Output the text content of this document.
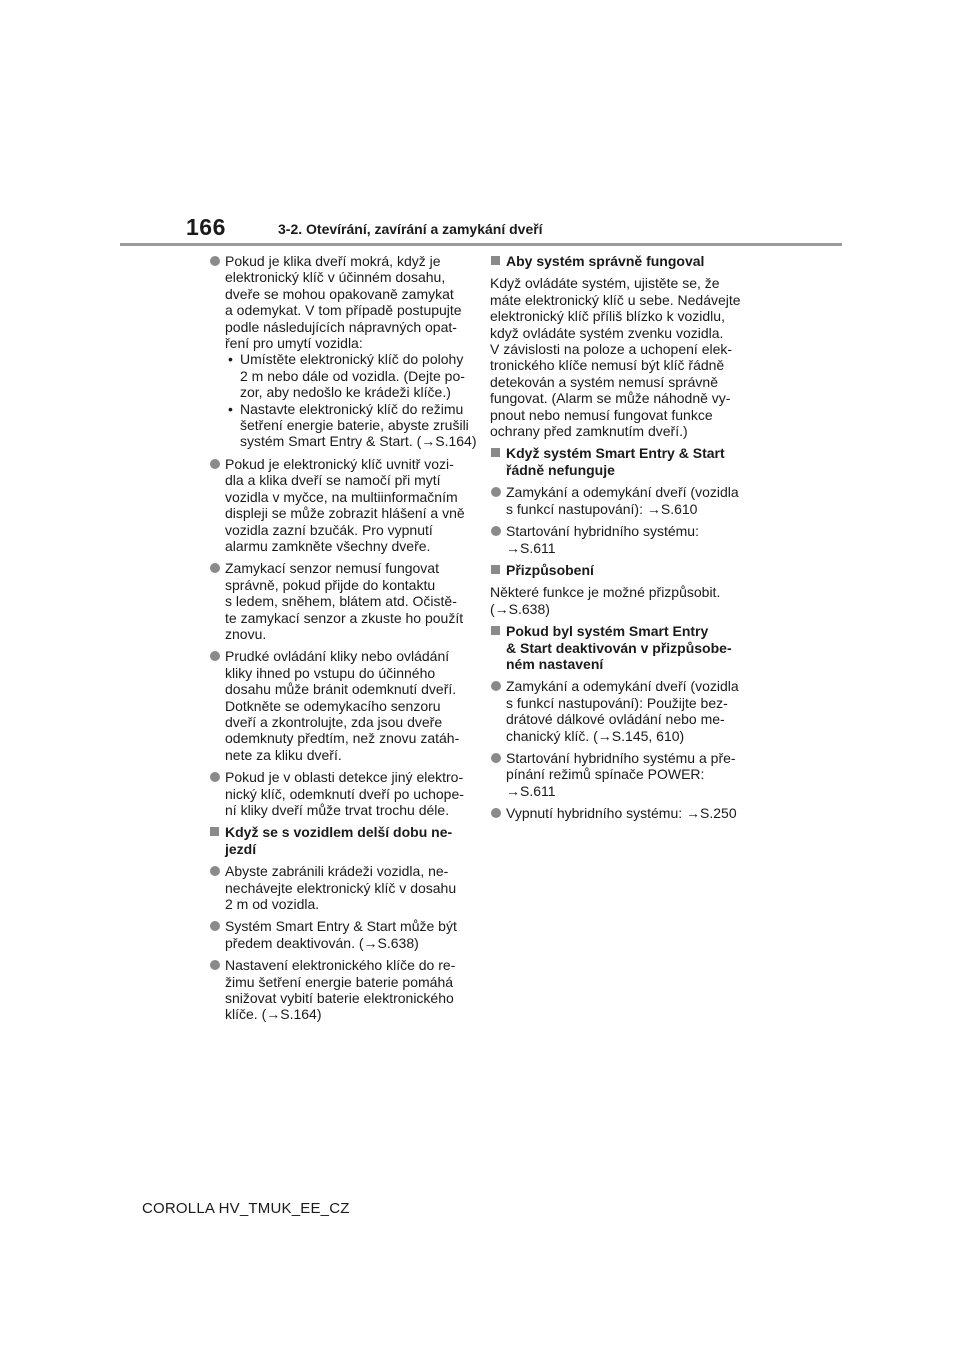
166	3-2. Otevírání, zavírání a zamykání dveří
Pokud je klika dveří mokrá, když je
elektronický klíč v účinném dosahu,
dveře se mohou opakovaně zamykat
a odemykat. V tom případě postupujte
podle následujících nápravných opat-
ření pro umytí vozidla:
• Umístěte elektronický klíč do polohy
2 m nebo dále od vozidla. (Dejte po-
zor, aby nedošlo ke krádeži klíče.)
• Nastavte elektronický klíč do režimu
šetření energie baterie, abyste zrušili
systém Smart Entry & Start. (→S.164)
Pokud je elektronický klíč uvnitř vozi-
dla a klika dveří se namočí při mytí
vozidla v myčce, na multiinformačním
displeji se může zobrazit hlášení a vně
vozidla zazní bzučák. Pro vypnutí
alarmu zamkněte všechny dveře.
Zamykací senzor nemusí fungovat
správně, pokud přijde do kontaktu
s ledem, sněhem, blátem atd. Očistě-
te zamykací senzor a zkuste ho použít
znovu.
Prudké ovládání kliky nebo ovládání
kliky ihned po vstupu do účinného
dosahu může bránit odemknutí dveří.
Dotkněte se odemykacího senzoru
dveří a zkontrolujte, zda jsou dveře
odemknuty předtím, než znovu zatáh-
nete za kliku dveří.
Pokud je v oblasti detekce jiný elektro-
nický klíč, odemknutí dveří po uchope-
ní kliky dveří může trvat trochu déle.
Když se s vozidlem delší dobu ne-
jezdí
Abyste zabránili krádeži vozidla, ne-
nechávejte elektronický klíč v dosahu
2 m od vozidla.
Systém Smart Entry & Start může být
předem deaktivován. (→S.638)
Nastavení elektronického klíče do re-
žimu šetření energie baterie pomáhá
snižovat vybití baterie elektronického
klíče. (→S.164)
Aby systém správně fungoval
Když ovládáte systém, ujistěte se, že
máte elektronický klíč u sebe. Nedávejte
elektronický klíč příliš blízko k vozidlu,
když ovládáte systém zvenku vozidla.
V závislosti na poloze a uchopení elek-
tronického klíče nemusí být klíč řádně
detekován a systém nemusí správně
fungovat. (Alarm se může náhodně vy-
pnout nebo nemusí fungovat funkce
ochrany před zamknutím dveří.)
Když systém Smart Entry & Start
řádně nefunguje
Zamykání a odemykání dveří (vozidla
s funkcí nastupování): →S.610
Startování hybridního systému:
→S.611
Přizpůsobení
Některé funkce je možné přizpůsobit.
(→S.638)
Pokud byl systém Smart Entry
& Start deaktivován v přizpůsobe-
ném nastavení
Zamykání a odemykání dveří (vozidla
s funkcí nastupování): Použijte bez-
drátové dálkové ovládání nebo me-
chanický klíč. (→S.145, 610)
Startování hybridního systému a pře-
pínání režimů spínače POWER:
→S.611
Vypnutí hybridního systému: →S.250
COROLLA HV_TMUK_EE_CZ
